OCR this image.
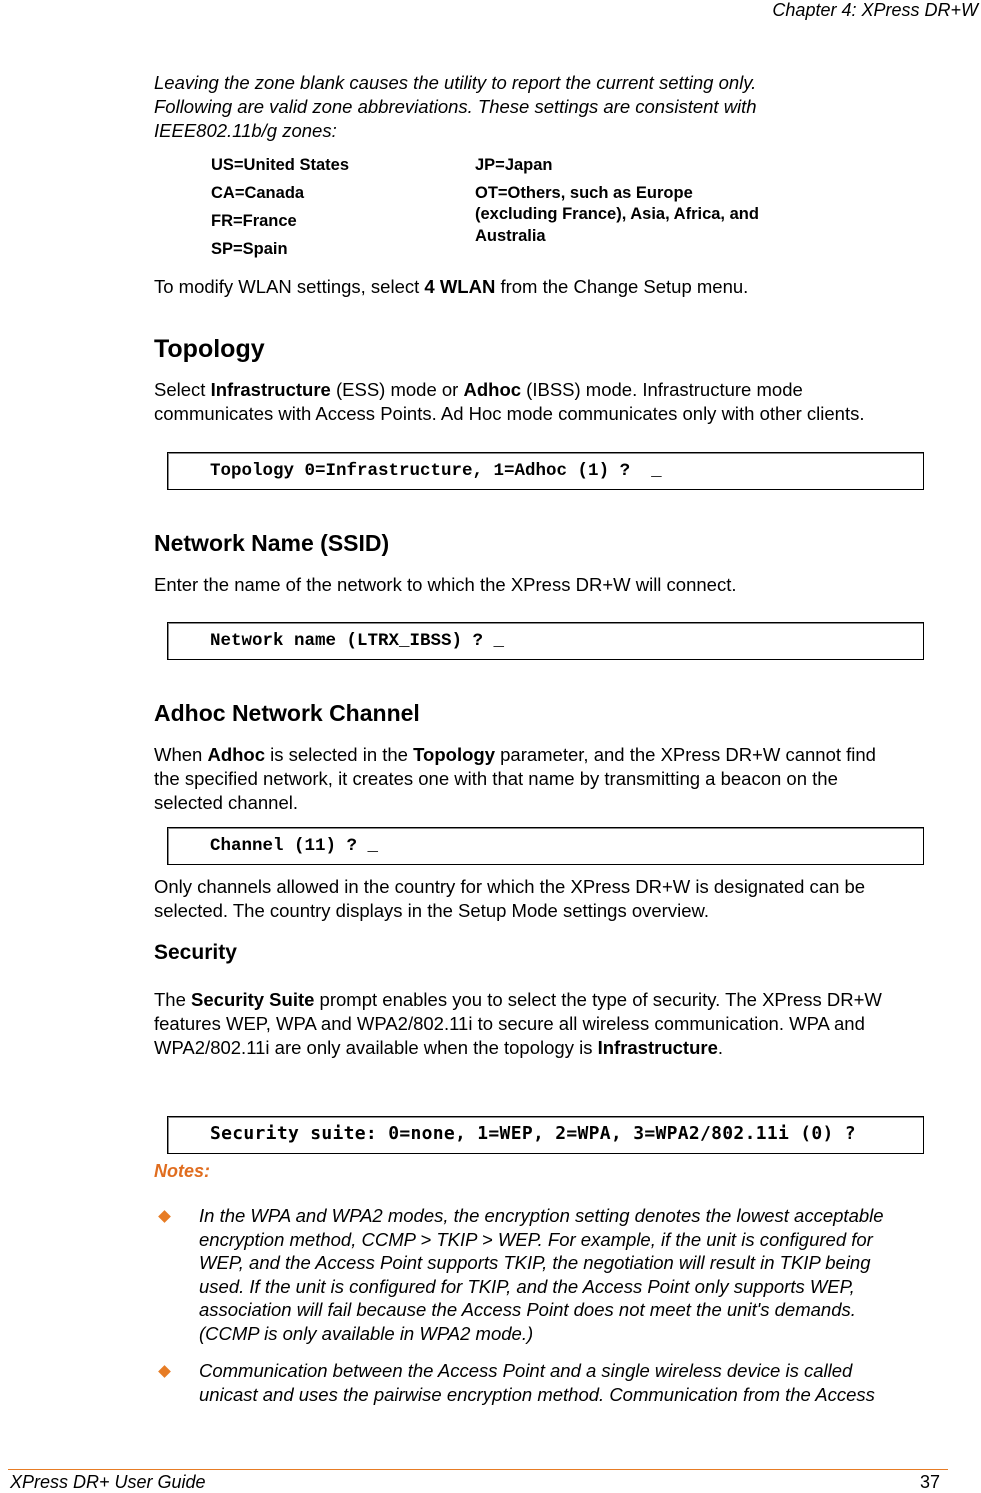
Chapter 4: XPress DR+W
Leaving the zone blank causes the utility to report the current setting only.
Following are valid zone abbreviations. These settings are consistent with
IEEE802.11b/g zones:
US=United States
CA=Canada
FR=France
SP=Spain
JP=Japan
OT=Others, such as Europe
(excluding France), Asia, Africa, and
Australia
To modify WLAN settings, select 4 WLAN from the Change Setup menu.
Topology
Select Infrastructure (ESS) mode or Adhoc (IBSS) mode. Infrastructure mode
communicates with Access Points. Ad Hoc mode communicates only with other clients.
Topology 0=Infrastructure, 1=Adhoc (1) ?  _
Network Name (SSID)
Enter the name of the network to which the XPress DR+W will connect.
Network name (LTRX_IBSS) ? _
Adhoc Network Channel
When Adhoc is selected in the Topology parameter, and the XPress DR+W cannot find
the specified network, it creates one with that name by transmitting a beacon on the
selected channel.
Channel (11) ? _
Only channels allowed in the country for which the XPress DR+W is designated can be
selected. The country displays in the Setup Mode settings overview.
Security
The Security Suite prompt enables you to select the type of security. The XPress DR+W
features WEP, WPA and WPA2/802.11i to secure all wireless communication. WPA and
WPA2/802.11i are only available when the topology is Infrastructure.
Security suite: 0=none, 1=WEP, 2=WPA, 3=WPA2/802.11i (0) ?
Notes:
In the WPA and WPA2 modes, the encryption setting denotes the lowest acceptable
encryption method, CCMP > TKIP > WEP. For example, if the unit is configured for
WEP, and the Access Point supports TKIP, the negotiation will result in TKIP being
used. If the unit is configured for TKIP, and the Access Point only supports WEP,
association will fail because the Access Point does not meet the unit's demands.
(CCMP is only available in WPA2 mode.)
Communication between the Access Point and a single wireless device is called
unicast and uses the pairwise encryption method. Communication from the Access
XPress DR+ User Guide	37
